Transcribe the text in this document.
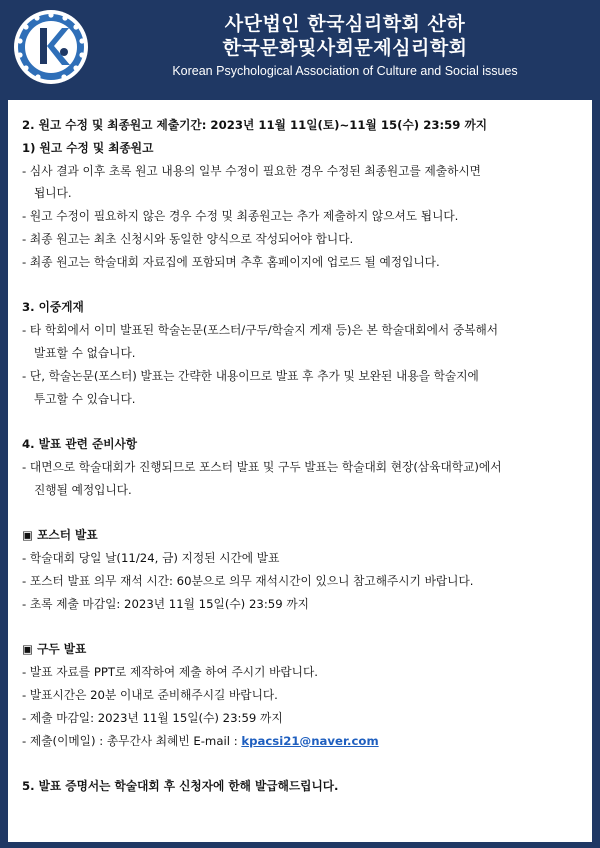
사단법인 한국심리학회 산하
한국문화및사회문제심리학회
Korean Psychological Association of Culture and Social issues
2. 원고 수정 및 최종원고 제출기간: 2023년 11월 11일(토)~11월 15(수) 23:59 까지
1) 원고 수정 및 최종원고
- 심사 결과 이후 초록 원고 내용의 일부 수정이 필요한 경우 수정된 최종원고를 제출하시면
됩니다.
- 원고 수정이 필요하지 않은 경우 수정 및 최종원고는 추가 제출하지 않으셔도 됩니다.
- 최종 원고는 최초 신청시와 동일한 양식으로 작성되어야 합니다.
- 최종 원고는 학술대회 자료집에 포함되며 추후 홈페이지에 업로드 될 예정입니다.
3. 이중게재
- 타 학회에서 이미 발표된 학술논문(포스터/구두/학술지 게재 등)은 본 학술대회에서 중복해서
발표할 수 없습니다.
- 단, 학술논문(포스터) 발표는 간략한 내용이므로 발표 후 추가 및 보완된 내용을 학술지에
투고할 수 있습니다.
4. 발표 관련 준비사항
- 대면으로 학술대회가 진행되므로 포스터 발표 및 구두 발표는 학술대회 현장(삼육대학교)에서
진행될 예정입니다.
▣ 포스터 발표
- 학술대회 당일 날(11/24, 금) 지정된 시간에 발표
- 포스터 발표 의무 재석 시간: 60분으로 의무 재석시간이 있으니 참고해주시기 바랍니다.
- 초록 제출 마감일: 2023년 11월 15일(수) 23:59 까지
▣ 구두 발표
- 발표 자료를 PPT로 제작하여 제출 하여 주시기 바랍니다.
- 발표시간은 20분 이내로 준비해주시길 바랍니다.
- 제출 마감일: 2023년 11월 15일(수) 23:59 까지
- 제출(이메일) : 총무간사 최혜빈 E-mail : kpacsi21@naver.com
5. 발표 증명서는 학술대회 후 신청자에 한해 발급해드립니다.
